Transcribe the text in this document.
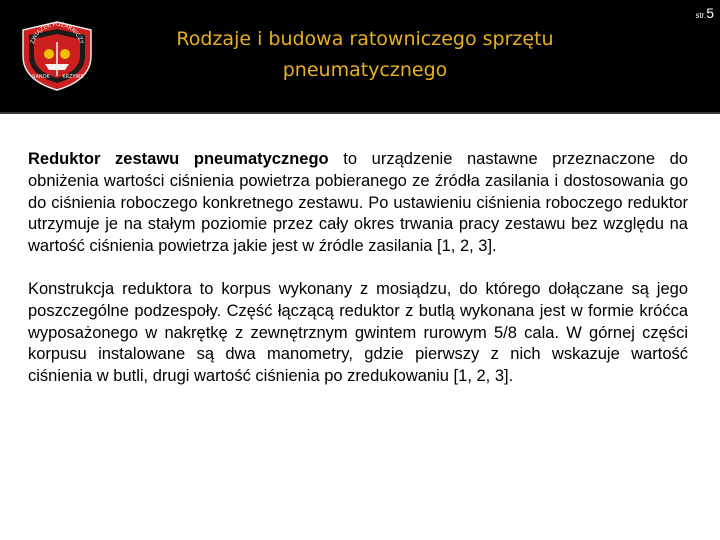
str.5
ZWIĄZEK POŻARNICZY
SANOK	KRZYWE
Rodzaje i budowa ratowniczego sprzętu
pneumatycznego

Reduktor zestawu pneumatycznego to urządzenie nastawne przeznaczone do obniżenia wartości ciśnienia powietrza pobieranego ze źródła zasilania i dostosowania go do ciśnienia roboczego konkretnego zestawu. Po ustawieniu ciśnienia roboczego reduktor utrzymuje je na stałym poziomie przez cały okres trwania pracy zestawu bez względu na wartość ciśnienia powietrza jakie jest w źródle zasilania [1, 2, 3].

Konstrukcja reduktora to korpus wykonany z mosiądzu, do którego dołączane są jego poszczególne podzespoły. Część łączącą reduktor z butlą wykonana jest w formie króćca wyposażonego w nakrętkę z zewnętrznym gwintem rurowym 5/8 cala. W górnej części korpusu instalowane są dwa manometry, gdzie pierwszy z nich wskazuje wartość ciśnienia w butli, drugi wartość ciśnienia po zredukowaniu [1, 2, 3].
